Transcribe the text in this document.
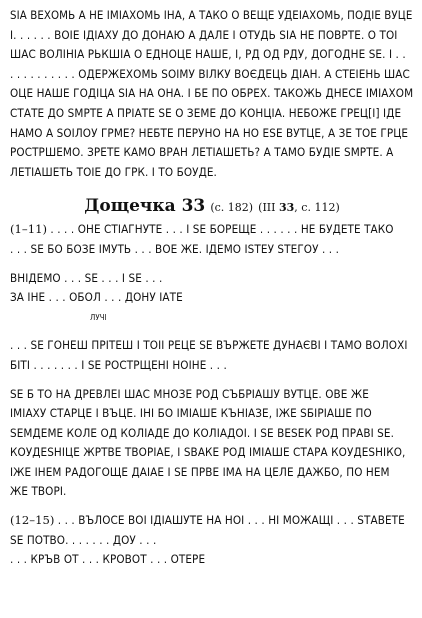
ЅІА ВЕХОМЬ А НЕ ІМІАХОМЬ ІНА, А ТАКО О ВЕЩЕ УДЕІАХОМЬ, ПОДІЕ ВУЦЕ
І. . . . . . ВОІЕ ІДІАХУ ДО ДОНАЮ А ДАЛЕ І ОТУДЬ ЅІА НЕ ПОВРТЕ. О ТОІ
ШАС ВОЛІНІА РЬКШІА О ЕДНОЦЕ НАШЕ, І, РД ОД РДУ, ДОГОДНЕ ЅЕ. І . .
. . . . . . . . . . ОДЕРЖЕХОМЬ ЅОІМУ ВІЛКУ ВОЄДЕЦЬ ДІАН. А СТЕІЕНЬ ШАС
ОЦЕ НАШЕ ГОДІЦА ЅІА НА ОНА. І БЕ ПО ОБРЕХ. ТАКОЖЬ ДНЕСЕ ІМІАХОМ
СТАТЕ ДО ЅМРТЕ А ПРІАТЕ ЅЕ О ЗЕМЕ ДО КОНЦІА. НЕБОЖЕ ГРЕЦ[І] ІДЕ
НАМО А ЅОІЛОУ ГРМЕ? НЕБТЕ ПЕРУНО НА НО ЕЅЕ ВУТЦЕ, А ЗЕ ТОЕ ГРЦЕ
РОСТРШЕМО. ЗРЕТЕ КАМО ВРАН ЛЕТІАШЕТЬ? А ТАМО БУДІЕ ЅМРТЕ. А
ЛЕТІАШЕТЬ ТОІЕ ДО ГРК. І ТО БОУДЕ.
Дощечка 33 (с. 182) (ІІІ 33, с. 112)
(1–11) . . . . ОНЕ СТІАГНУТЕ . . . І ЅЕ БОРЕЩЕ . . . . . . НЕ БУДЕТЕ ТАКО
. . . ЅЕ БО БОЗЕ ІМУТЬ . . . ВОЕ ЖЕ. ІДЕМО ІЅТЕУ ЅТЕГОУ . . .
ВНІДЕМО . . . ЅЕ . . . І ЅЕ . . .
ЗА ІНЕ . . . ОБОЛ . . . ДОНУ ІАТЕ
ЛУЧІ
. . . ЅЕ ГОНЕШ ПРІТЕШ І ТОІІ РЕЦЕ ЅЕ ВЪРЖЕТЕ ДУНАЄВІ І ТАМО ВОЛОХІ
БІТІ . . . . . . . І ЅЕ РОСТРЩЕНІ НОІНЕ . . .
ЅЕ Б ТО НА ДРЕВЛЕІ ШАС МНОЗЕ РОД СЪБРІАШУ ВУТЦЕ. ОВЕ ЖЕ
ІМІАХУ СТАРЦЕ І ВЪЦЕ. ІНІ БО ІМІАШЕ КЪНІАЗЕ, ІЖЕ ЅБІРІАШЕ ПО
ЅЕМДЕМЕ КОЛЕ ОД КОЛІАДЕ ДО КОЛІАДОІ. І ЅЕ ВЕЅЕК РОД ПРАВІ ЅЕ.
КОУДЕЅНІЦЕ ЖРТВЕ ТВОРІАЕ, І ЅВАКЕ РОД ІМІАШЕ СТАРА КОУДЕЅНІКО,
ІЖЕ ІНЕМ РАДОГОЩЕ ДАІАЕ І ЅЕ ПРВЕ ІМА НА ЦЕЛЕ ДАЖБО, ПО НЕМ
ЖЕ ТВОРІ.
(12–15) . . . ВЪЛОСЕ ВОІ ІДІАШУТЕ НА НОІ . . . НІ МОЖАЩІ . . . ЅТАВЕТЕ
ЅЕ ПОТВО. . . . . . . ДОУ . . .
. . . КРЪВ ОТ . . . КРОВОТ . . . ОТЕРЕ
